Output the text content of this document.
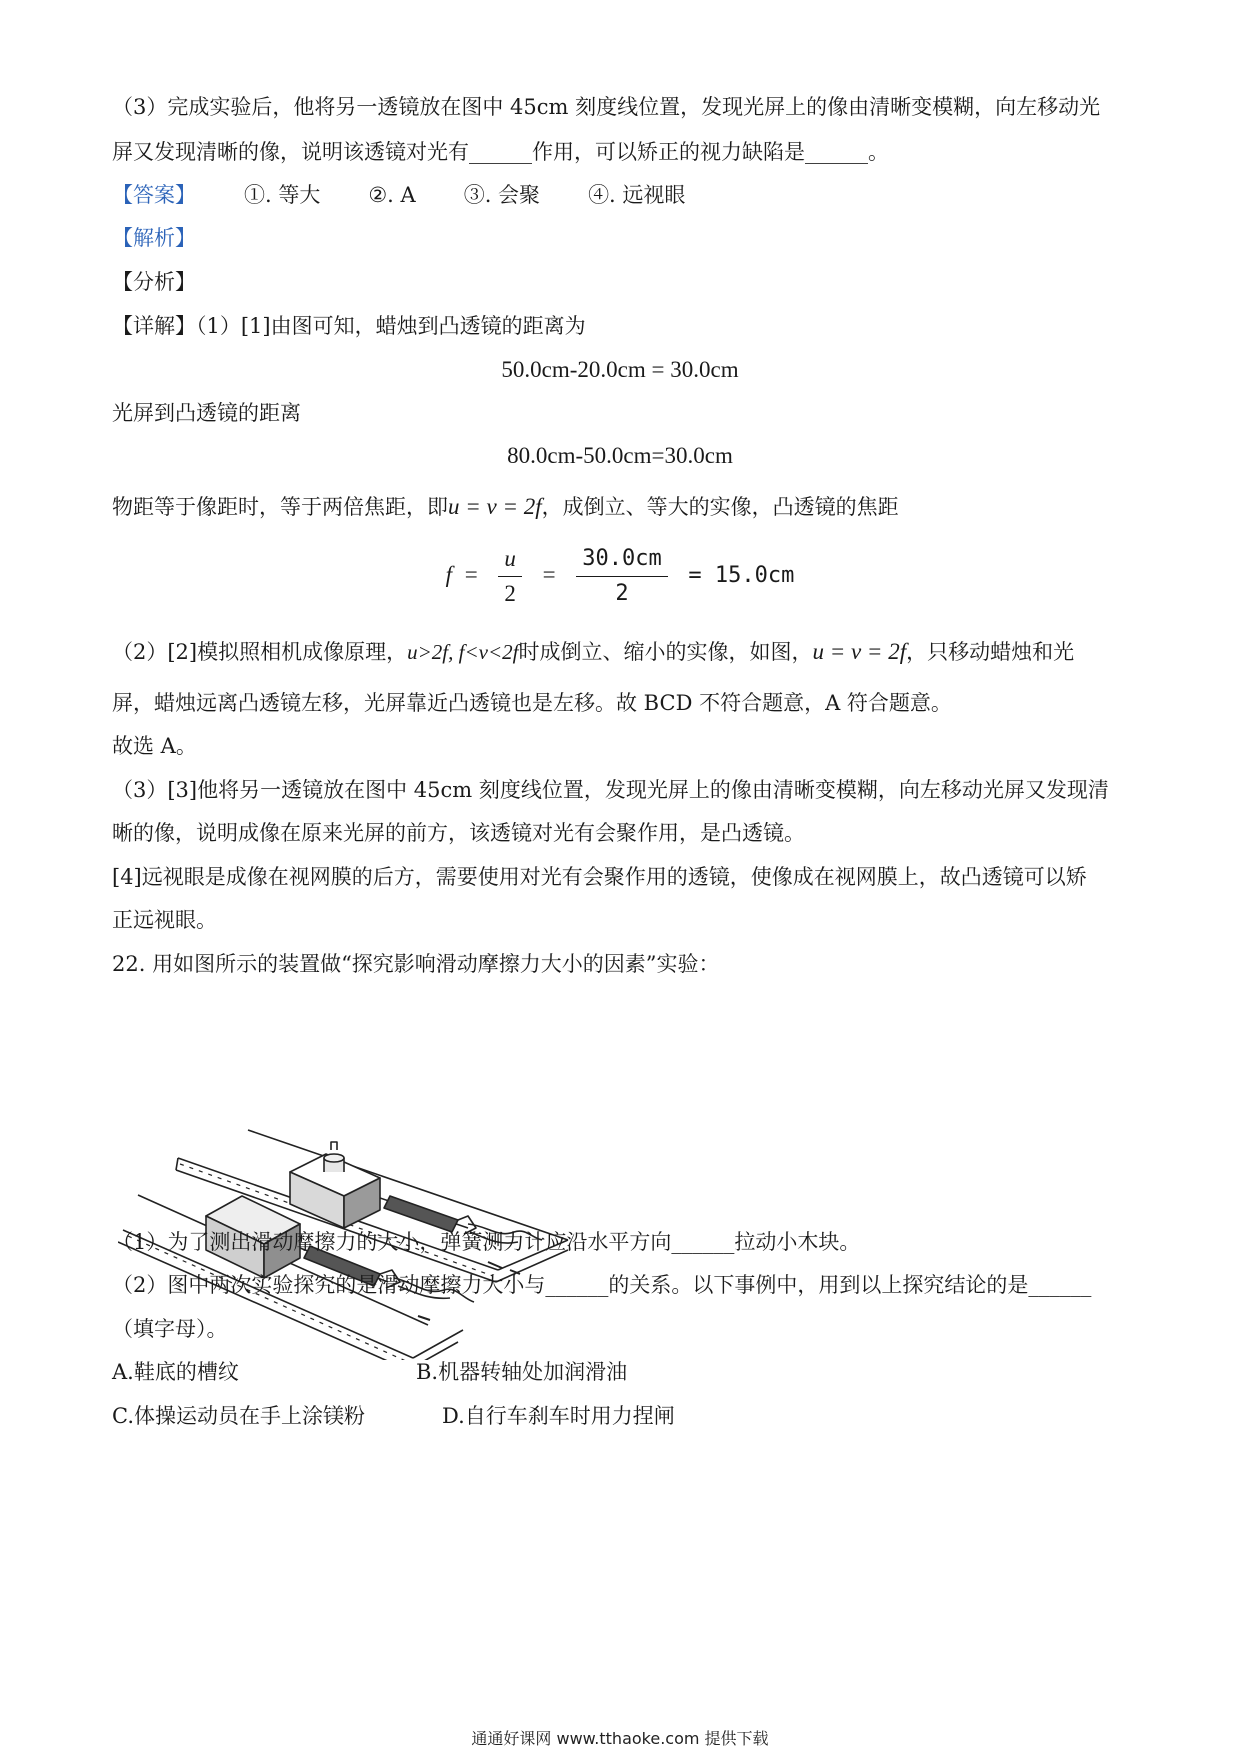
（3）完成实验后，他将另一透镜放在图中 45cm 刻度线位置，发现光屏上的像由清晰变模糊，向左移动光
屏又发现清晰的像，说明该透镜对光有______作用，可以矫正的视力缺陷是______。
【答案】 ①. 等大 ②. A ③. 会聚 ④. 远视眼
【解析】
【分析】
【详解】（1）[1]由图可知，蜡烛到凸透镜的距离为
50.0cm-20.0cm = 30.0cm
光屏到凸透镜的距离
80.0cm-50.0cm=30.0cm
物距等于像距时，等于两倍焦距，即u = v = 2f，成倒立、等大的实像，凸透镜的焦距
$f = \frac{u}{2} = \frac{30.0cm}{2} = 15.0cm$
（2）[2]模拟照相机成像原理，u>2f, f<v<2f时成倒立、缩小的实像，如图，u = v = 2f，只移动蜡烛和光
屏，蜡烛远离凸透镜左移，光屏靠近凸透镜也是左移。故 BCD 不符合题意，A 符合题意。
故选 A。
（3）[3]他将另一透镜放在图中 45cm 刻度线位置，发现光屏上的像由清晰变模糊，向左移动光屏又发现清
晰的像，说明成像在原来光屏的前方，该透镜对光有会聚作用，是凸透镜。
[4]远视眼是成像在视网膜的后方，需要使用对光有会聚作用的透镜，使像成在视网膜上，故凸透镜可以矫
正远视眼。
22. 用如图所示的装置做“探究影响滑动摩擦力大小的因素”实验：
（1）为了测出滑动摩擦力的大小，弹簧测力计应沿水平方向______拉动小木块。
（2）图中两次实验探究的是滑动摩擦力大小与______的关系。以下事例中，用到以上探究结论的是______
（填字母）。
A.鞋底的槽纹	B.机器转轴处加润滑油
C.体操运动员在手上涂镁粉	D.自行车刹车时用力捏闸
通通好课网 www.tthaoke.com 提供下载
